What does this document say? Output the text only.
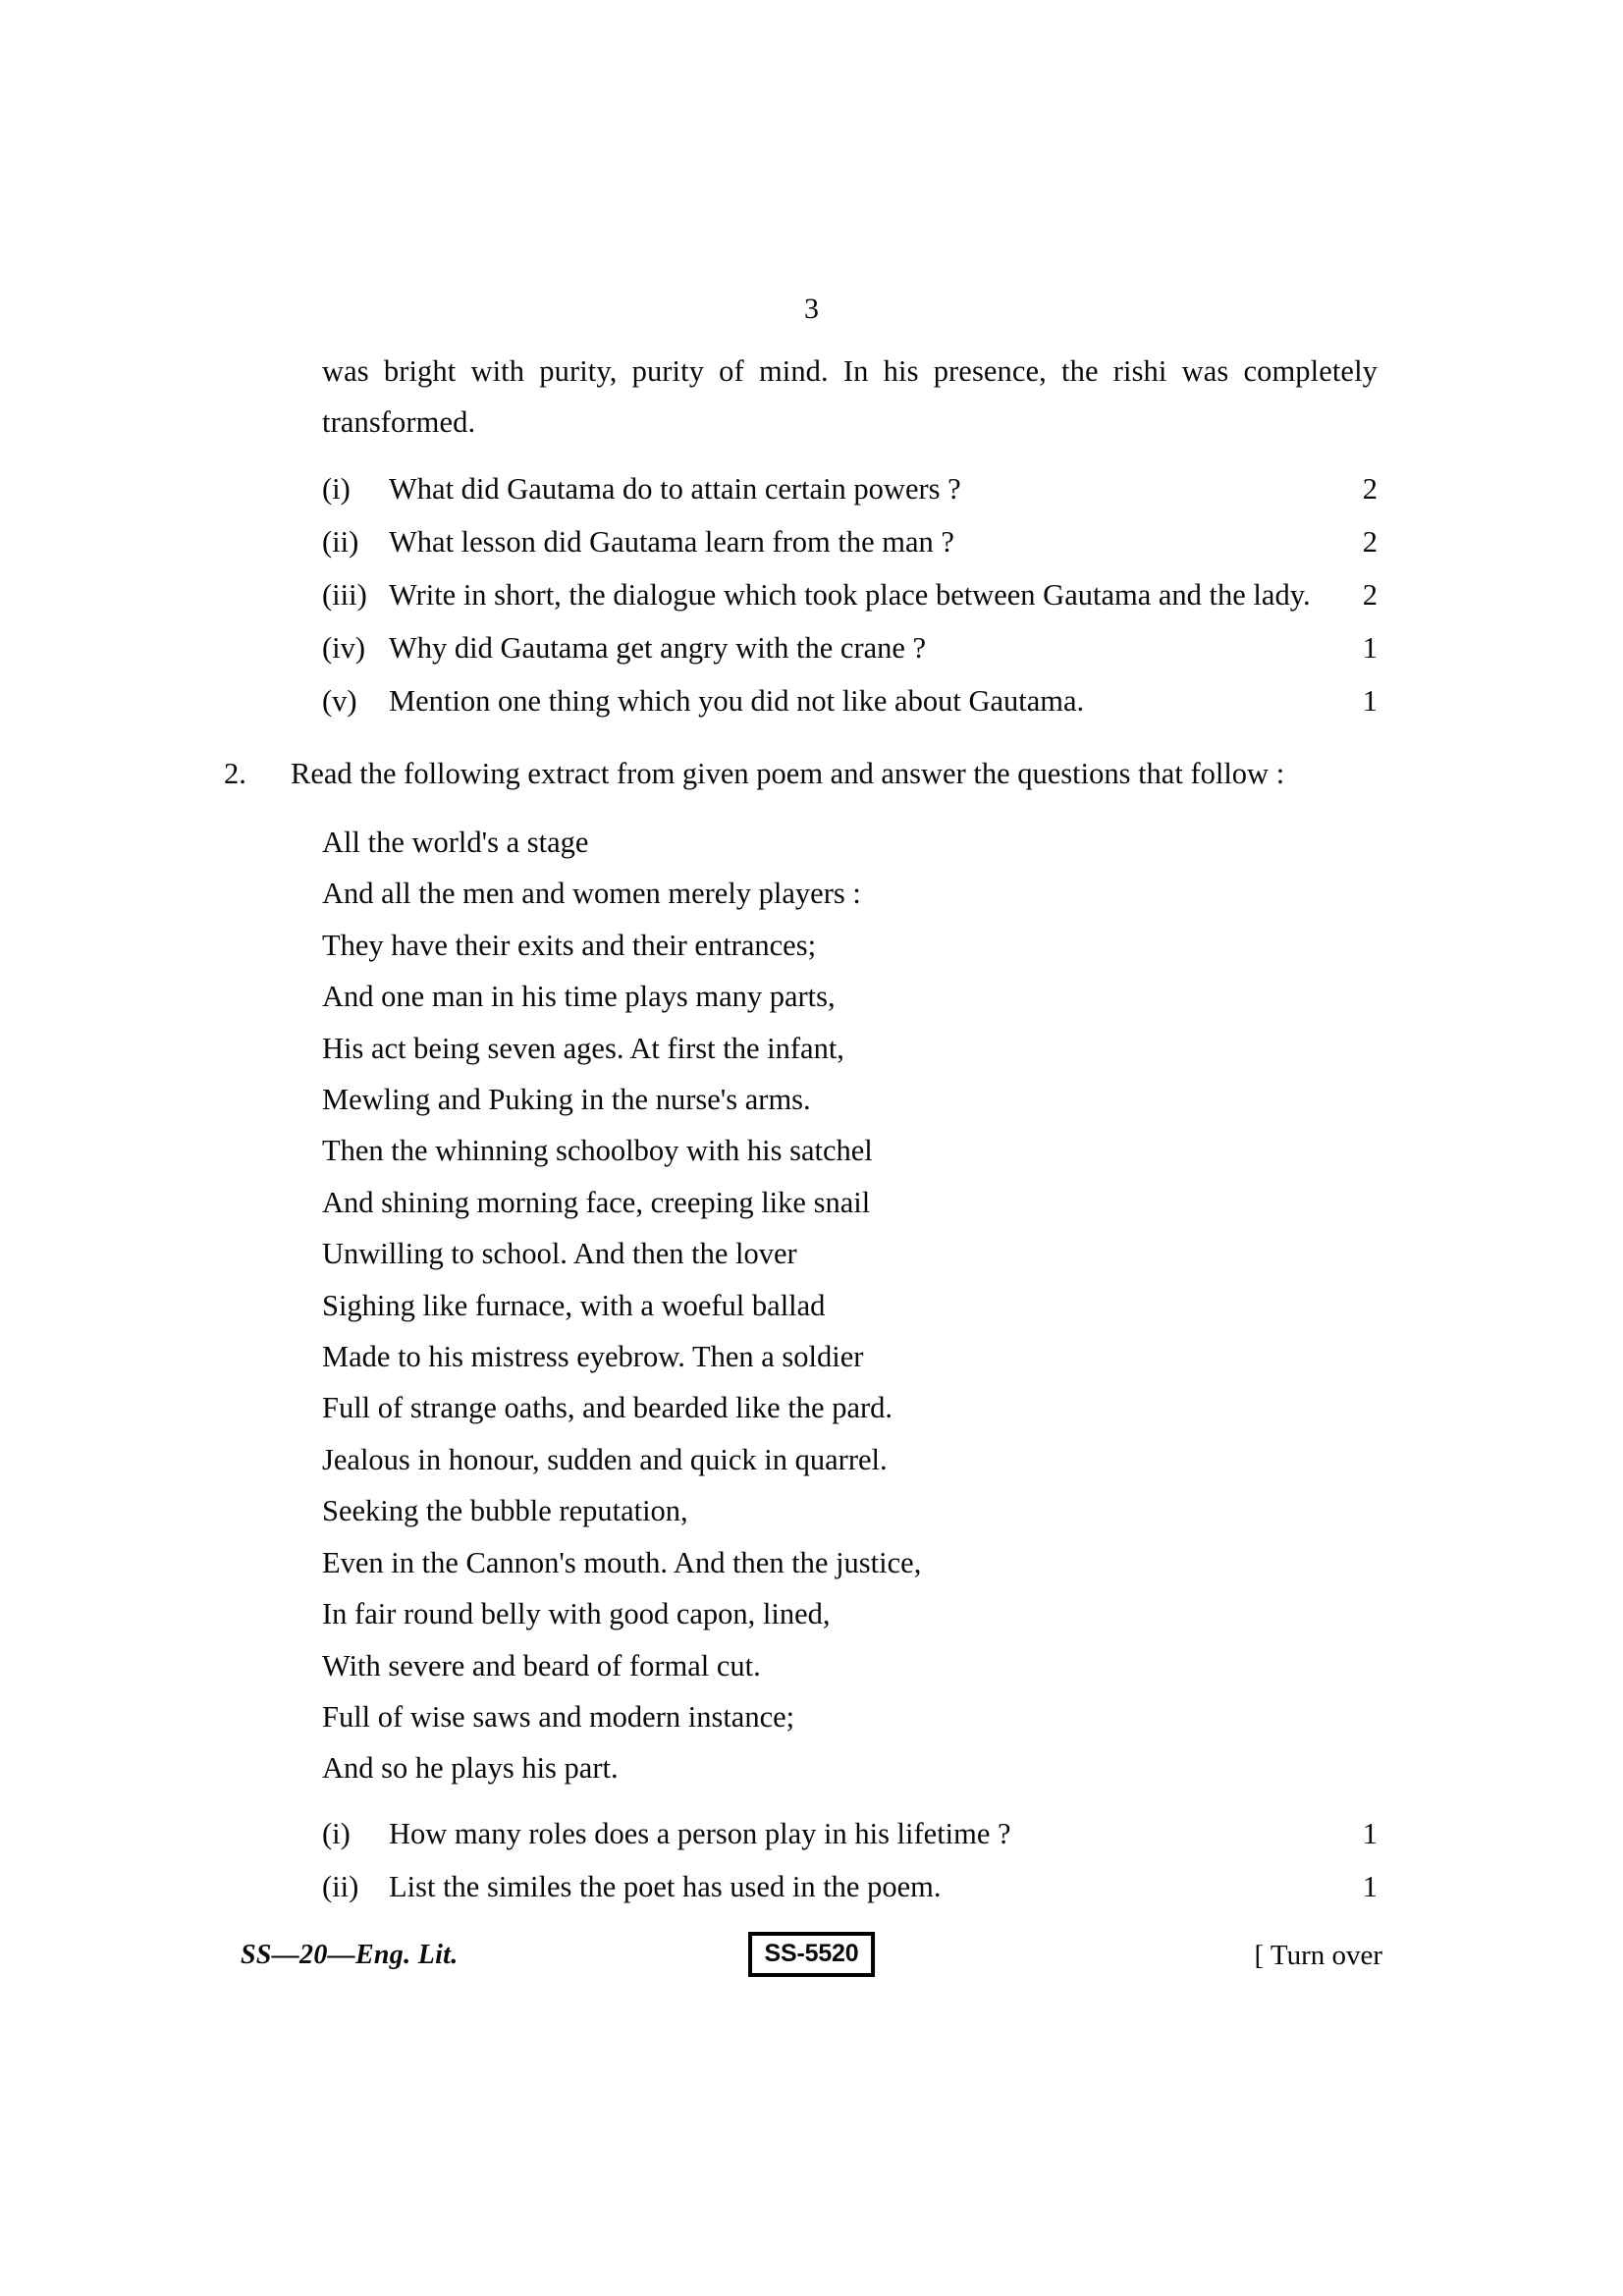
3

was bright with purity, purity of mind. In his presence, the rishi was completely transformed.

(i)	What did Gautama do to attain certain powers ?	2
(ii)	What lesson did Gautama learn from the man ?	2
(iii) Write in short, the dialogue which took place between Gautama and the lady.	2
(iv) Why did Gautama get angry with the crane ?	1
(v)	Mention one thing which you did not like about Gautama.	1
2.	Read the following extract from given poem and answer the questions that follow :
All the world's a stage
And all the men and women merely players :
They have their exits and their entrances;
And one man in his time plays many parts,
His act being seven ages. At first the infant,
Mewling and Puking in the nurse's arms.
Then the whinning schoolboy with his satchel
And shining morning face, creeping like snail
Unwilling to school. And then the lover
Sighing like furnace, with a woeful ballad
Made to his mistress eyebrow. Then a soldier
Full of strange oaths, and bearded like the pard.
Jealous in honour, sudden and quick in quarrel.
Seeking the bubble reputation,
Even in the Cannon's mouth. And then the justice,
In fair round belly with good capon, lined,
With severe and beard of formal cut.
Full of wise saws and modern instance;
And so he plays his part.
(i)	How many roles does a person play in his lifetime ?	1
(ii)	List the similes the poet has used in the poem.	1
SS—20—Eng. Lit.	SS-5520	[ Turn over
